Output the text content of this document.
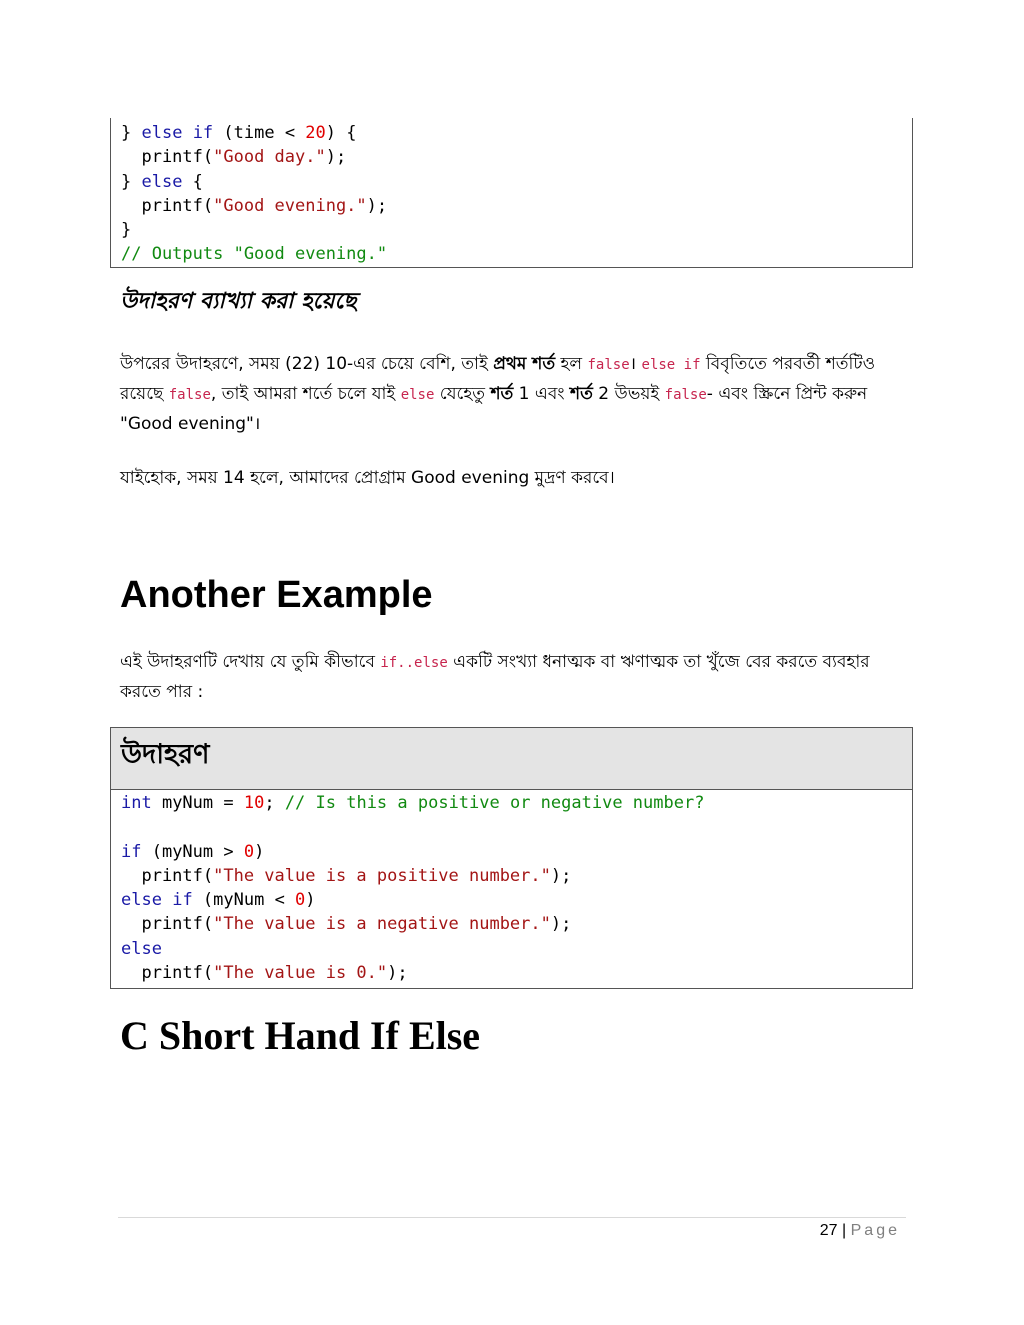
} else if (time < 20) {
printf("Good day.");
} else {
printf("Good evening.");
}
// Outputs "Good evening."
উদাহরণ ব্যাখ্যা করা হয়েছে
উপরের উদাহরণে, সময় (22) 10-এর চেয়ে বেশি, তাই প্রথম শর্ত হল false। else if বিবৃতিতে পরবর্তী শর্তটিও রয়েছে false, তাই আমরা শর্তে চলে যাই else যেহেতু শর্ত 1 এবং শর্ত 2 উভয়ই false- এবং স্ক্রিনে প্রিন্ট করুন "Good evening"।
যাইহোক, সময় 14 হলে, আমাদের প্রোগ্রাম Good evening মুদ্রণ করবে।
Another Example
এই উদাহরণটি দেখায় যে তুমি কীভাবে if..else একটি সংখ্যা ধনাত্মক বা ঋণাত্মক তা খুঁজে বের করতে ব্যবহার করতে পার :
উদাহরণ
int myNum = 10; // Is this a positive or negative number?

if (myNum > 0)
printf("The value is a positive number.");
else if (myNum < 0)
printf("The value is a negative number.");
else
printf("The value is 0.");
C Short Hand If Else
27 | Page
